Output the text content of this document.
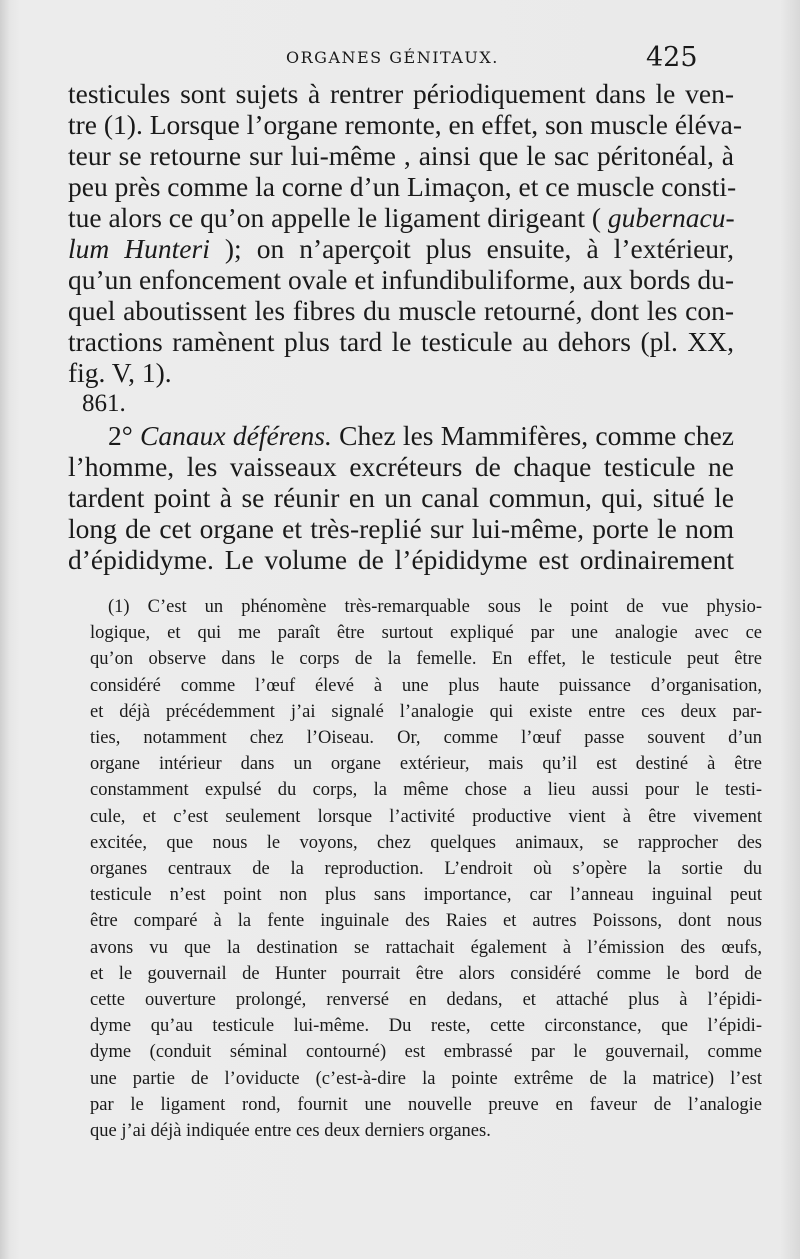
ORGANES GÉNITAUX.	425
testicules sont sujets à rentrer périodiquement dans le ven-
tre (1). Lorsque l’organe remonte, en effet, son muscle éléva-
teur se retourne sur lui-même , ainsi que le sac péritonéal, à
peu près comme la corne d’un Limaçon, et ce muscle consti-
tue alors ce qu’on appelle le ligament dirigeant ( gubernacu-
lum Hunteri ); on n’aperçoit plus ensuite, à l’extérieur,
qu’un enfoncement ovale et infundibuliforme, aux bords du-
quel aboutissent les fibres du muscle retourné, dont les con-
tractions ramènent plus tard le testicule au dehors (pl. XX,
fig. V, 1).

861.

2° Canaux déférens. Chez les Mammifères, comme chez
l’homme, les vaisseaux excréteurs de chaque testicule ne
tardent point à se réunir en un canal commun, qui, situé le
long de cet organe et très-replié sur lui-même, porte le nom
d’épididyme. Le volume de l’épididyme est ordinairement
(1) C’est un phénomène très-remarquable sous le point de vue physio-
logique, et qui me paraît être surtout expliqué par une analogie avec ce
qu’on observe dans le corps de la femelle. En effet, le testicule peut être
considéré comme l’œuf élevé à une plus haute puissance d’organisation,
et déjà précédemment j’ai signalé l’analogie qui existe entre ces deux par-
ties, notamment chez l’Oiseau. Or, comme l’œuf passe souvent d’un
organe intérieur dans un organe extérieur, mais qu’il est destiné à être
constamment expulsé du corps, la même chose a lieu aussi pour le testi-
cule, et c’est seulement lorsque l’activité productive vient à être vivement
excitée, que nous le voyons, chez quelques animaux, se rapprocher des
organes centraux de la reproduction. L’endroit où s’opère la sortie du
testicule n’est point non plus sans importance, car l’anneau inguinal peut
être comparé à la fente inguinale des Raies et autres Poissons, dont nous
avons vu que la destination se rattachait également à l’émission des œufs,
et le gouvernail de Hunter pourrait être alors considéré comme le bord de
cette ouverture prolongé, renversé en dedans, et attaché plus à l’épidi-
dyme qu’au testicule lui-même. Du reste, cette circonstance, que l’épidi-
dyme (conduit séminal contourné) est embrassé par le gouvernail, comme
une partie de l’oviducte (c’est-à-dire la pointe extrême de la matrice) l’est
par le ligament rond, fournit une nouvelle preuve en faveur de l’analogie
que j’ai déjà indiquée entre ces deux derniers organes.
